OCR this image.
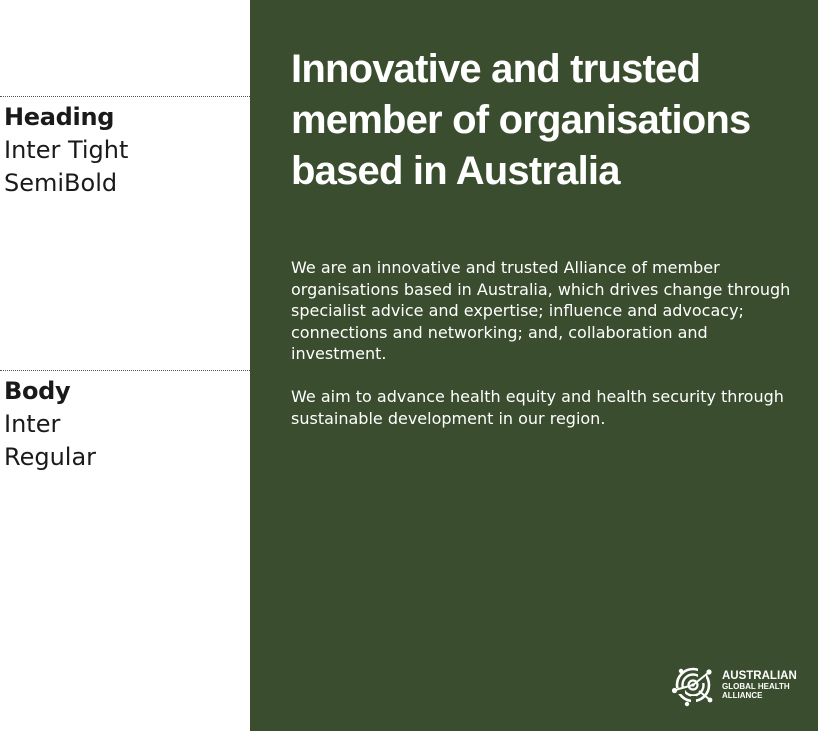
Heading
Inter Tight
SemiBold
Body
Inter
Regular
Innovative and trusted member of organisations based in Australia

We are an innovative and trusted Alliance of member organisations based in Australia, which drives change through specialist advice and expertise; influence and advocacy; connections and networking; and, collaboration and investment.

We aim to advance health equity and health security through sustainable development in our region.

AUSTRALIAN
GLOBAL HEALTH
ALLIANCE
